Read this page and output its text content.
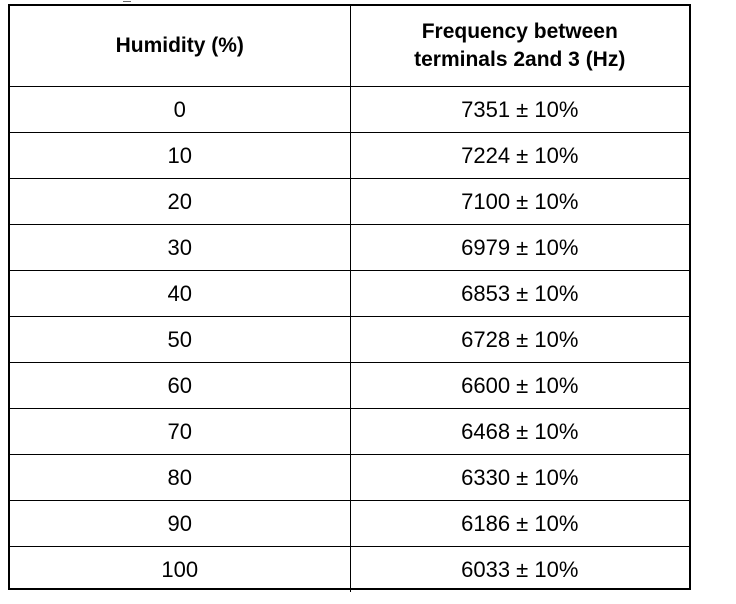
Humidity (%)	Frequency between
terminals 2and 3 (Hz)

0	7351 ± 10%
10	7224 ± 10%
20	7100 ± 10%
30	6979 ± 10%
40	6853 ± 10%
50	6728 ± 10%
60	6600 ± 10%
70	6468 ± 10%
80	6330 ± 10%
90	6186 ± 10%
100	6033 ± 10%
